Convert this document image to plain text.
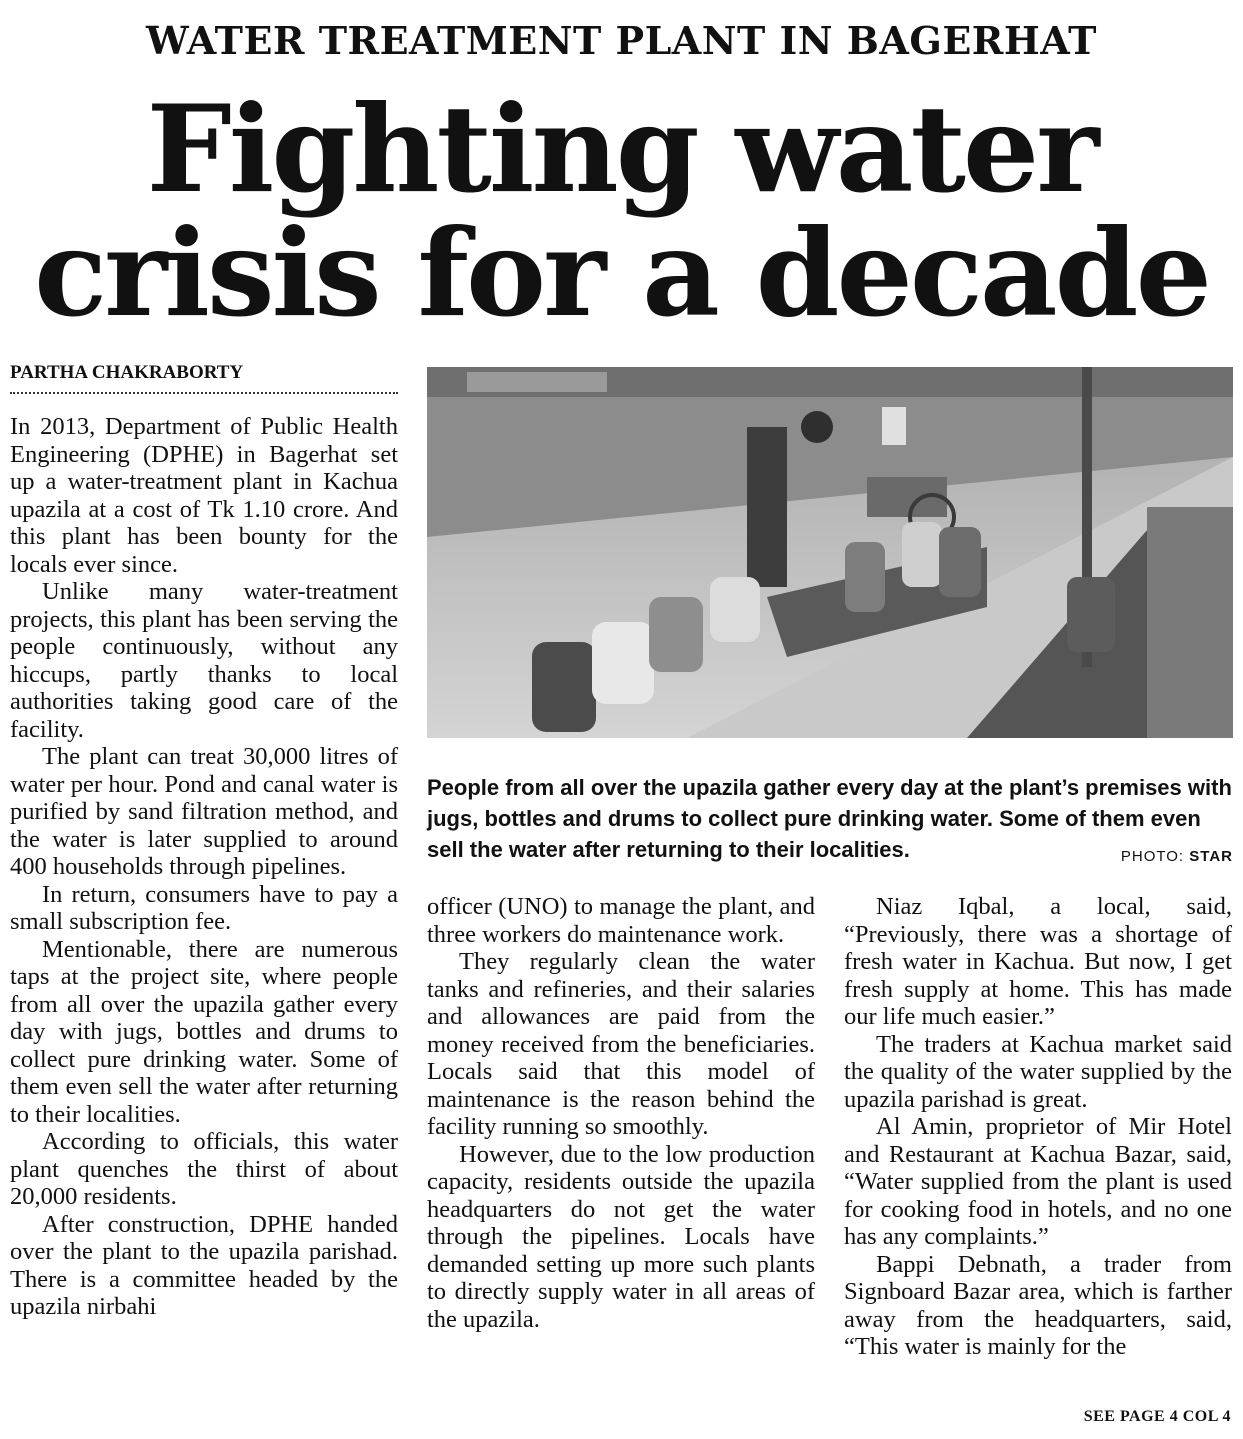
WATER TREATMENT PLANT IN BAGERHAT
Fighting water
crisis for a decade
PARTHA CHAKRABORTY

In 2013, Department of Public Health Engineering (DPHE) in Bagerhat set up a water-treatment plant in Kachua upazila at a cost of Tk 1.10 crore. And this plant has been bounty for the locals ever since.

Unlike many water-treatment projects, this plant has been serving the people continuously, without any hiccups, partly thanks to local authorities taking good care of the facility.

The plant can treat 30,000 litres of water per hour. Pond and canal water is purified by sand filtration method, and the water is later supplied to around 400 households through pipelines.

In return, consumers have to pay a small subscription fee.

Mentionable, there are numerous taps at the project site, where people from all over the upazila gather every day with jugs, bottles and drums to collect pure drinking water. Some of them even sell the water after returning to their localities.

According to officials, this water plant quenches the thirst of about 20,000 residents.

After construction, DPHE handed over the plant to the upazila parishad. There is a committee headed by the upazila nirbahi

People from all over the upazila gather every day at the plant’s premises with jugs, bottles and drums to collect pure drinking water. Some of them even sell the water after returning to their localities.	PHOTO: STAR

officer (UNO) to manage the plant, and three workers do maintenance work.

They regularly clean the water tanks and refineries, and their salaries and allowances are paid from the money received from the beneficiaries. Locals said that this model of maintenance is the reason behind the facility running so smoothly.

However, due to the low production capacity, residents outside the upazila headquarters do not get the water through the pipelines. Locals have demanded setting up more such plants to directly supply water in all areas of the upazila.

Niaz Iqbal, a local, said, “Previously, there was a shortage of fresh water in Kachua. But now, I get fresh supply at home. This has made our life much easier.”

The traders at Kachua market said the quality of the water supplied by the upazila parishad is great.

Al Amin, proprietor of Mir Hotel and Restaurant at Kachua Bazar, said, “Water supplied from the plant is used for cooking food in hotels, and no one has any complaints.”

Bappi Debnath, a trader from Signboard Bazar area, which is farther away from the headquarters, said, “This water is mainly for the

SEE PAGE 4 COL 4
